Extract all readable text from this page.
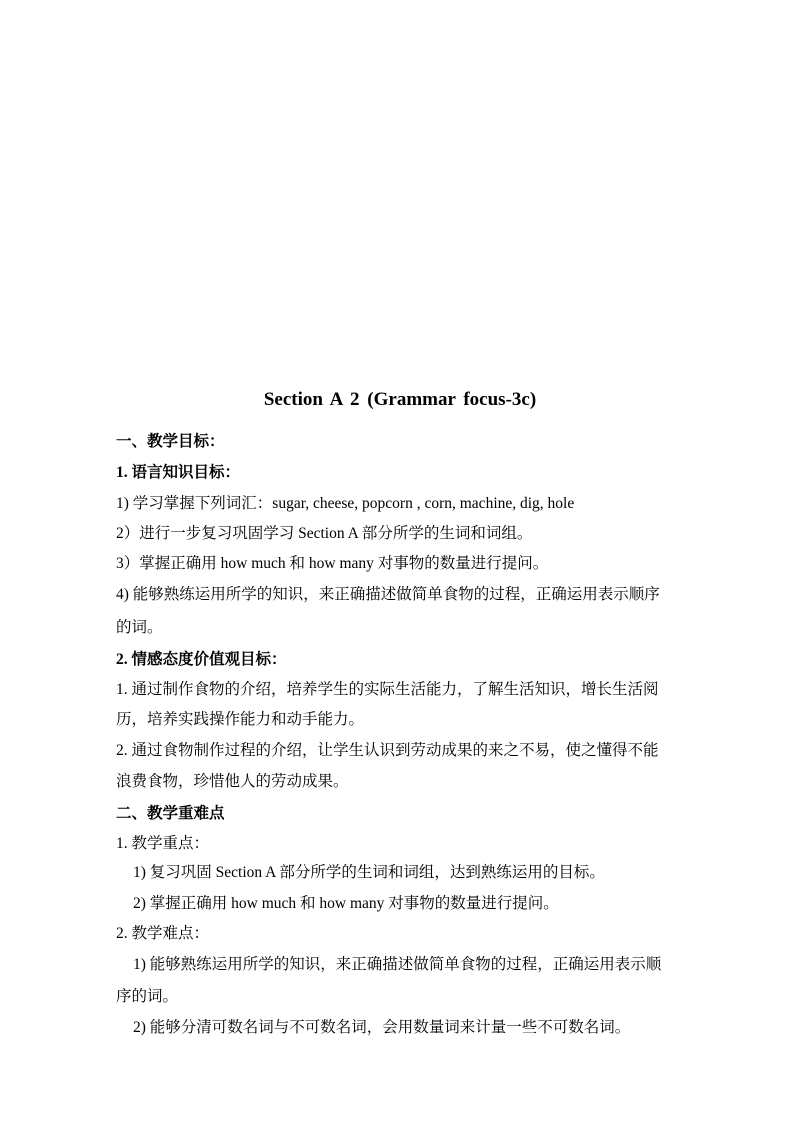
Section A 2 (Grammar focus-3c)
一、教学目标：
1. 语言知识目标：
1) 学习掌握下列词汇：sugar, cheese, popcorn , corn, machine, dig, hole
2）进行一步复习巩固学习 Section A 部分所学的生词和词组。
3）掌握正确用 how much 和 how many 对事物的数量进行提问。
4) 能够熟练运用所学的知识，来正确描述做简单食物的过程，正确运用表示顺序
的词。
2. 情感态度价值观目标：
1. 通过制作食物的介绍，培养学生的实际生活能力，了解生活知识，增长生活阅
历，培养实践操作能力和动手能力。
2. 通过食物制作过程的介绍，让学生认识到劳动成果的来之不易，使之懂得不能
浪费食物，珍惜他人的劳动成果。
二、教学重难点
1. 教学重点：
1) 复习巩固 Section A 部分所学的生词和词组，达到熟练运用的目标。
2) 掌握正确用 how much 和 how many 对事物的数量进行提问。
2. 教学难点：
1) 能够熟练运用所学的知识，来正确描述做简单食物的过程，正确运用表示顺
序的词。
2) 能够分清可数名词与不可数名词，会用数量词来计量一些不可数名词。
